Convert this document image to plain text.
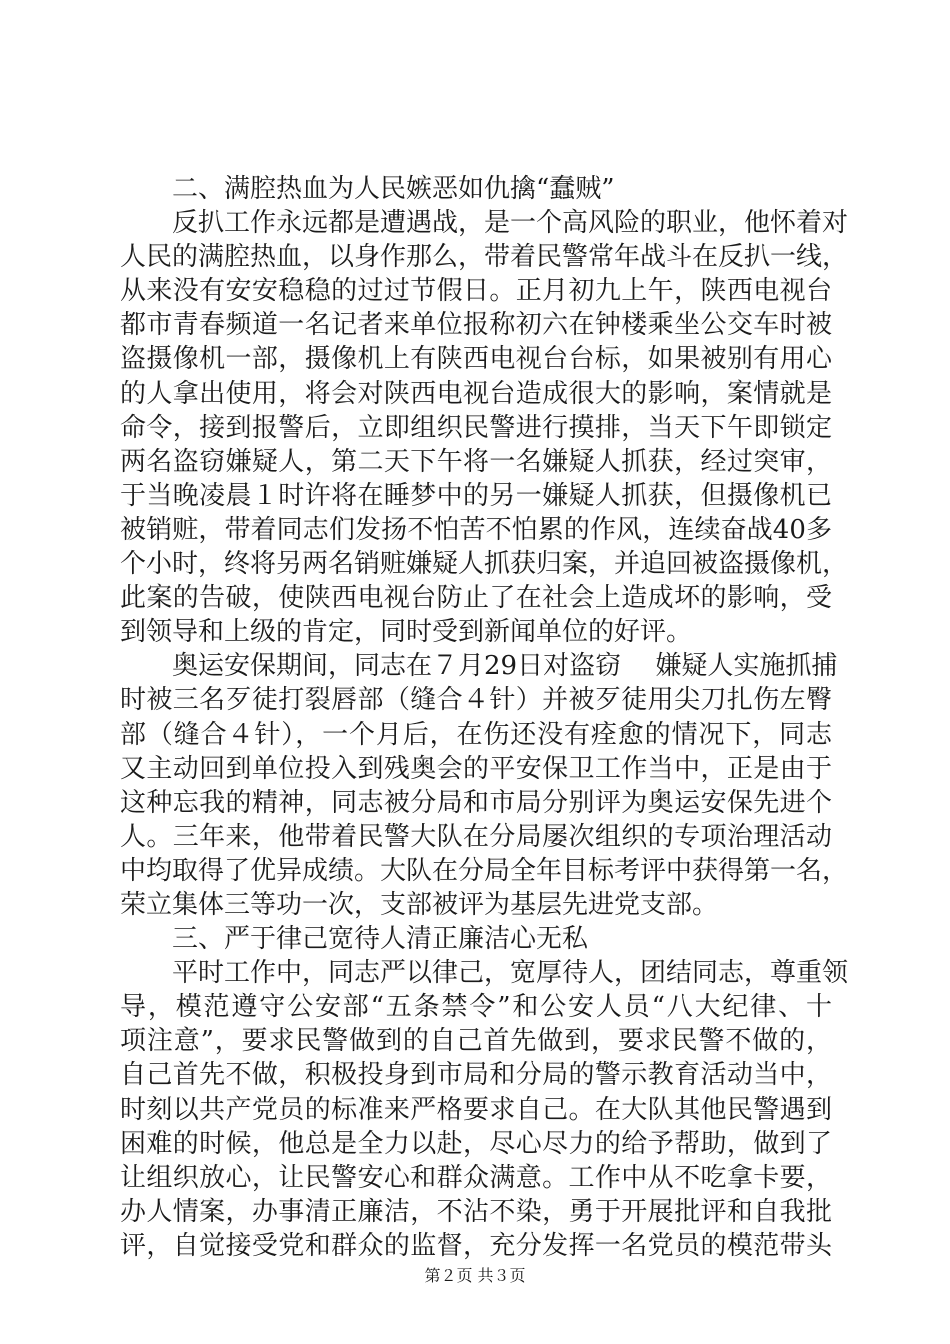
二、满腔热血为人民嫉恶如仇擒“蠢贼”
反扒工作永远都是遭遇战，是一个高风险的职业，他怀着对
人民的满腔热血，以身作那么，带着民警常年战斗在反扒一线，
从来没有安安稳稳的过过节假日。正月初九上午，陕西电视台
都市青春频道一名记者来单位报称初六在钟楼乘坐公交车时被
盗摄像机一部，摄像机上有陕西电视台台标，如果被别有用心
的人拿出使用，将会对陕西电视台造成很大的影响，案情就是
命令，接到报警后，立即组织民警进行摸排，当天下午即锁定
两名盗窃嫌疑人，第二天下午将一名嫌疑人抓获，经过突审，
于当晚凌晨１时许将在睡梦中的另一嫌疑人抓获，但摄像机已
被销赃，带着同志们发扬不怕苦不怕累的作风，连续奋战40多
个小时，终将另两名销赃嫌疑人抓获归案，并追回被盗摄像机，
此案的告破，使陕西电视台防止了在社会上造成坏的影响，受
到领导和上级的肯定，同时受到新闻单位的好评。
奥运安保期间，同志在７月29日对盗窃　 嫌疑人实施抓捕
时被三名歹徒打裂唇部（缝合４针）并被歹徒用尖刀扎伤左臀
部（缝合４针），一个月后，在伤还没有痊愈的情况下，同志
又主动回到单位投入到残奥会的平安保卫工作当中，正是由于
这种忘我的精神，同志被分局和市局分别评为奥运安保先进个
人。三年来，他带着民警大队在分局屡次组织的专项治理活动
中均取得了优异成绩。大队在分局全年目标考评中获得第一名，
荣立集体三等功一次，支部被评为基层先进党支部。
三、严于律己宽待人清正廉洁心无私
平时工作中，同志严以律己，宽厚待人，团结同志，尊重领
导，模范遵守公安部“五条禁令”和公安人员“八大纪律、十
项注意”，要求民警做到的自己首先做到，要求民警不做的，
自己首先不做，积极投身到市局和分局的警示教育活动当中，
时刻以共产党员的标准来严格要求自己。在大队其他民警遇到
困难的时候，他总是全力以赴，尽心尽力的给予帮助，做到了
让组织放心，让民警安心和群众满意。工作中从不吃拿卡要，
办人情案，办事清正廉洁，不沾不染，勇于开展批评和自我批
评，自觉接受党和群众的监督，充分发挥一名党员的模范带头
第２页 共３页
